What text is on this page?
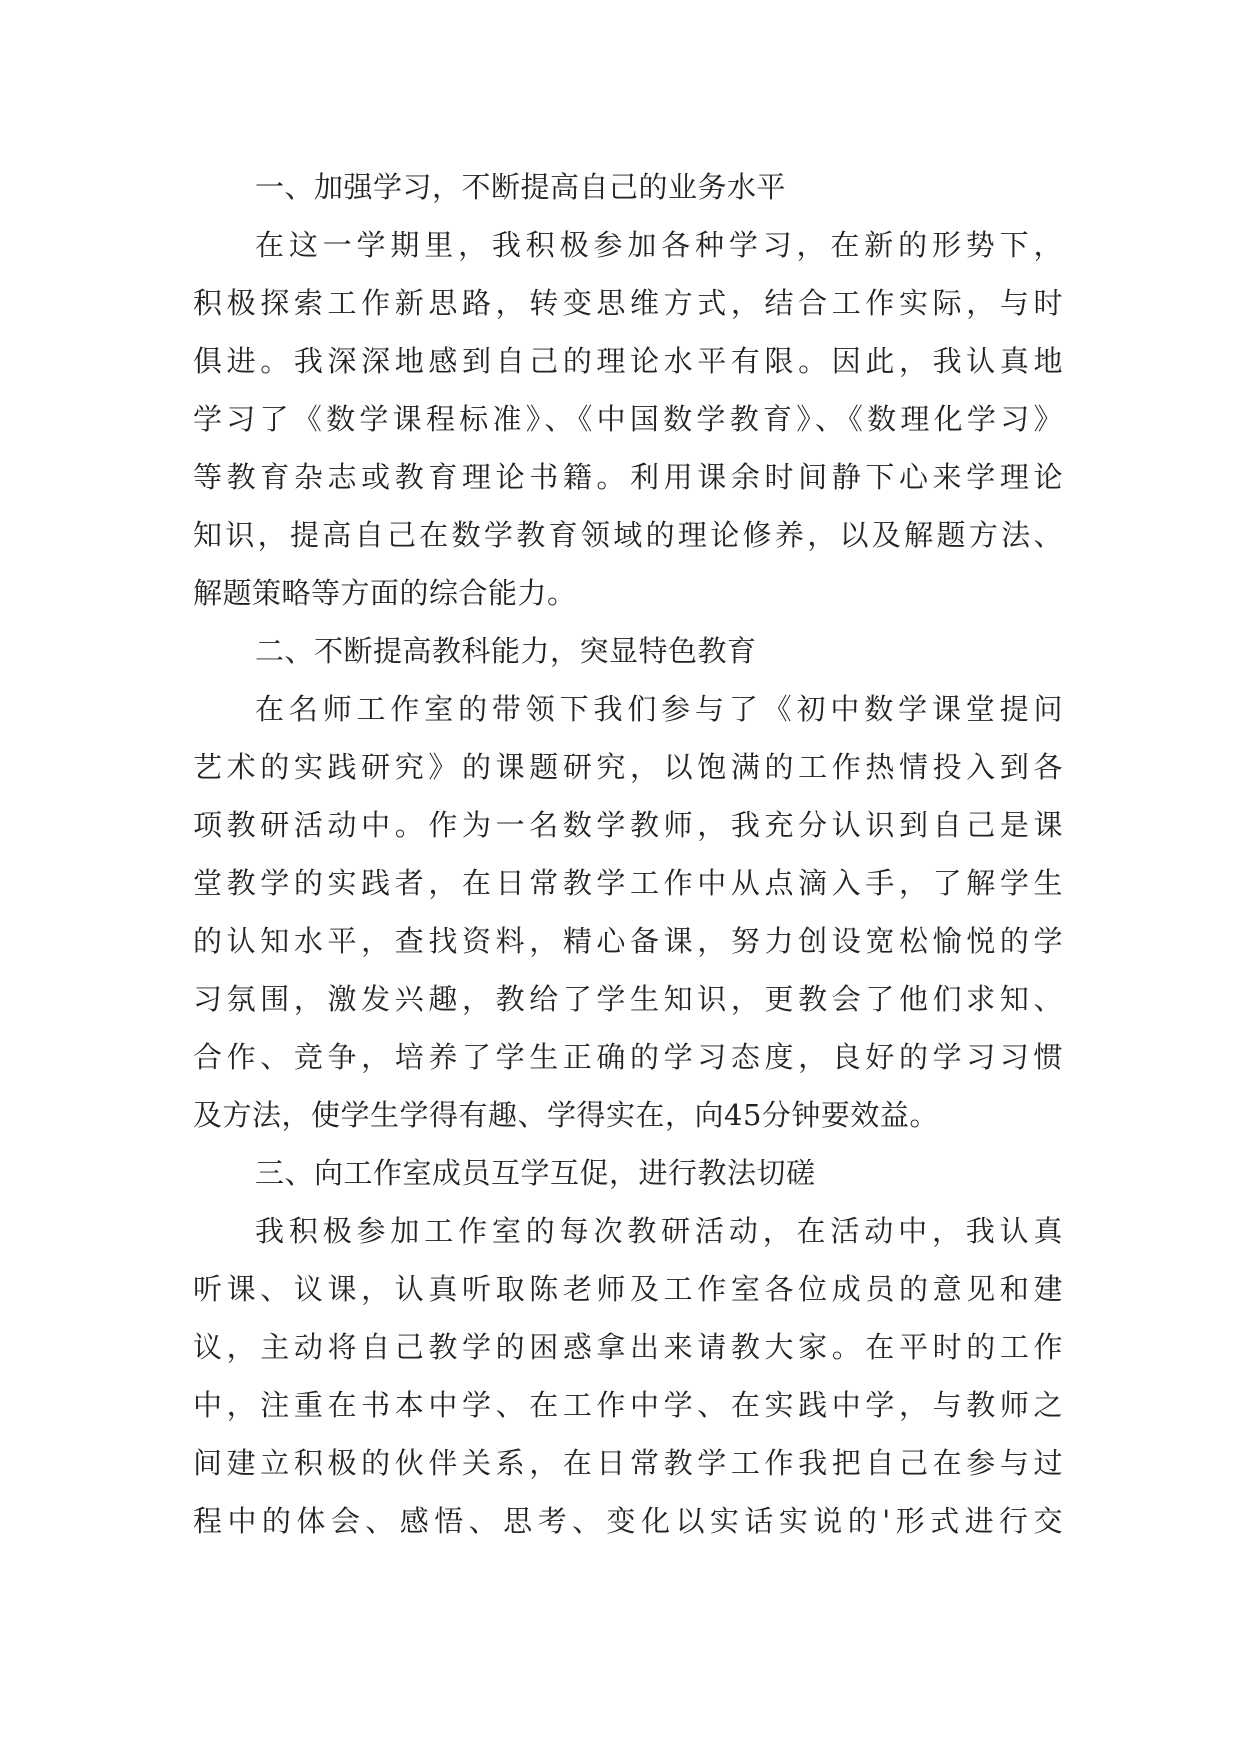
一、加强学习，不断提高自己的业务水平
在这一学期里，我积极参加各种学习，在新的形势下，
积极探索工作新思路，转变思维方式，结合工作实际，与时
俱进。我深深地感到自己的理论水平有限。因此，我认真地
学习了《数学课程标准》、《中国数学教育》、《数理化学习》
等教育杂志或教育理论书籍。利用课余时间静下心来学理论
知识，提高自己在数学教育领域的理论修养，以及解题方法、
解题策略等方面的综合能力。
二、不断提高教科能力，突显特色教育
在名师工作室的带领下我们参与了《初中数学课堂提问
艺术的实践研究》的课题研究，以饱满的工作热情投入到各
项教研活动中。作为一名数学教师，我充分认识到自己是课
堂教学的实践者，在日常教学工作中从点滴入手，了解学生
的认知水平，查找资料，精心备课，努力创设宽松愉悦的学
习氛围，激发兴趣，教给了学生知识，更教会了他们求知、
合作、竞争，培养了学生正确的学习态度，良好的学习习惯
及方法，使学生学得有趣、学得实在，向45分钟要效益。
三、向工作室成员互学互促，进行教法切磋
我积极参加工作室的每次教研活动，在活动中，我认真
听课、议课，认真听取陈老师及工作室各位成员的意见和建
议，主动将自己教学的困惑拿出来请教大家。在平时的工作
中，注重在书本中学、在工作中学、在实践中学，与教师之
间建立积极的伙伴关系，在日常教学工作我把自己在参与过
程中的体会、感悟、思考、变化以实话实说的'形式进行交
